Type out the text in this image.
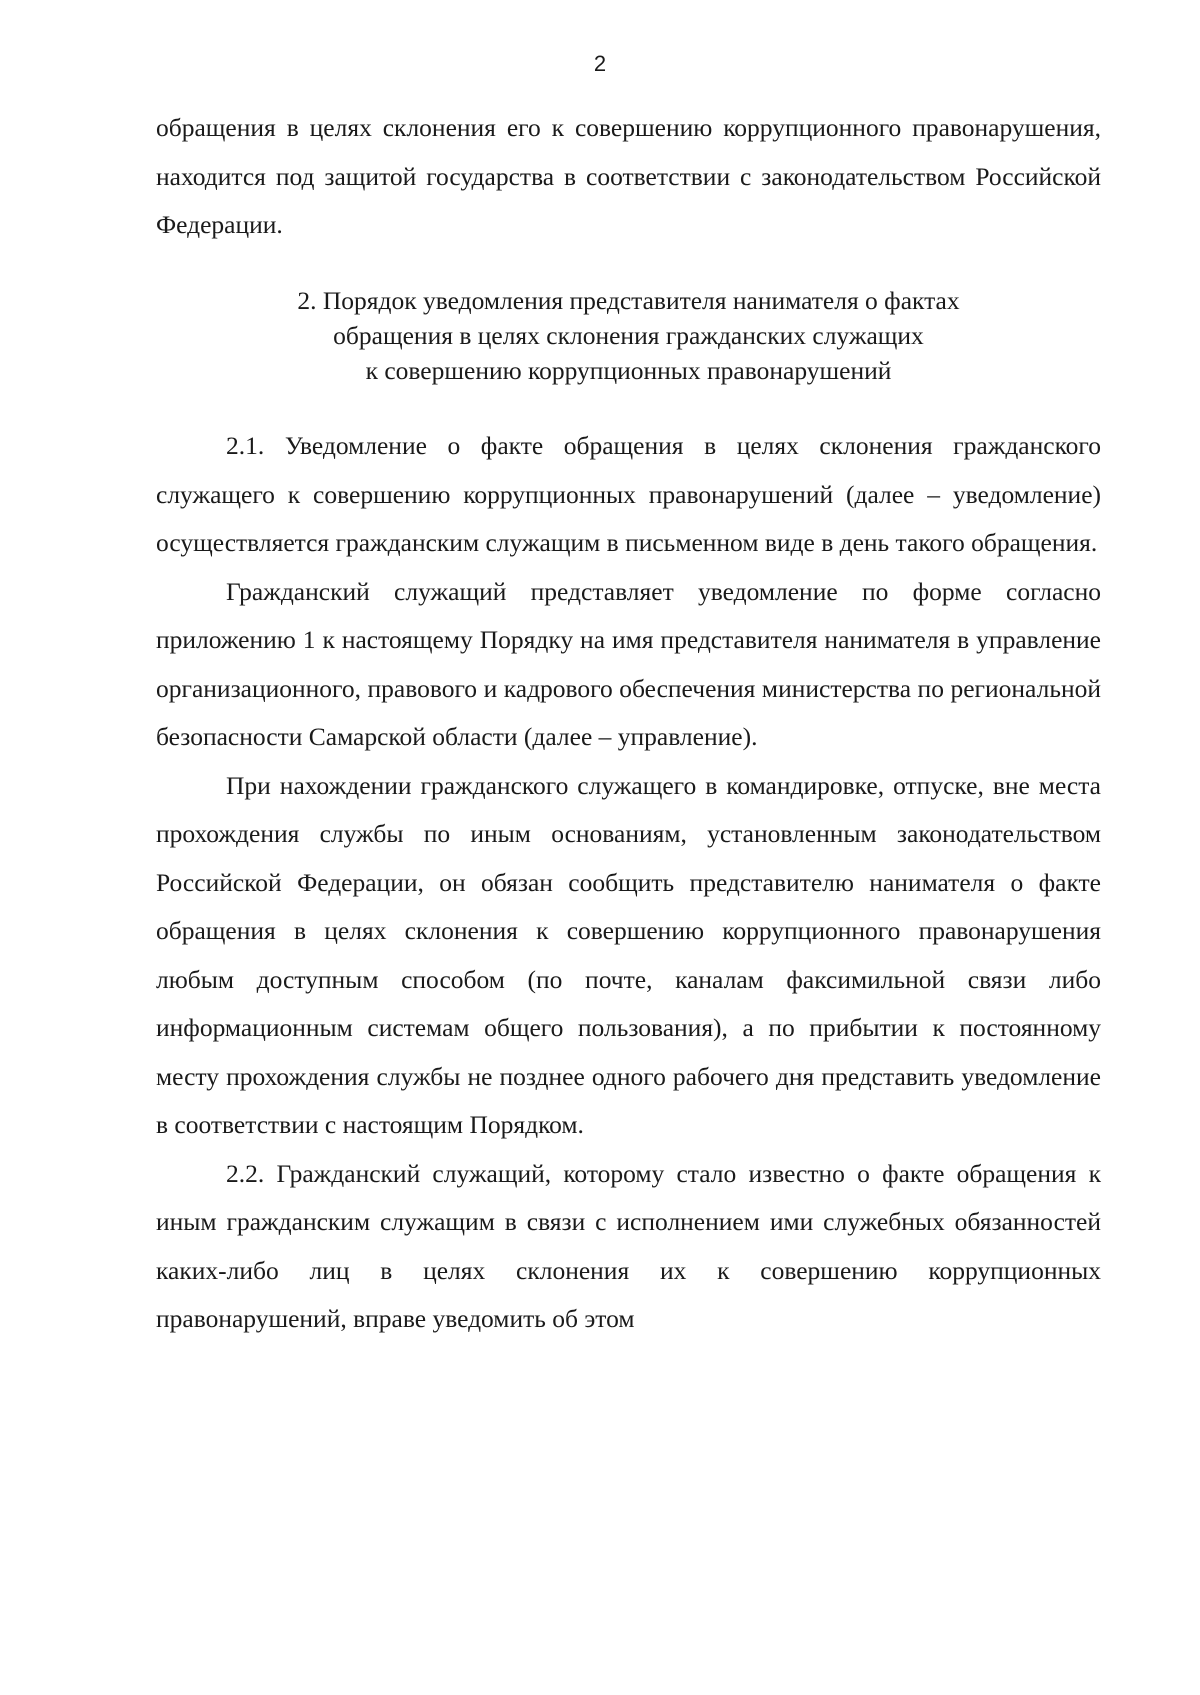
2

обращения в целях склонения его к совершению коррупционного правонарушения, находится под защитой государства в соответствии с законодательством Российской Федерации.

2. Порядок уведомления представителя нанимателя о фактах
обращения в целях склонения гражданских служащих
к совершению коррупционных правонарушений

2.1. Уведомление о факте обращения в целях склонения гражданского служащего к совершению коррупционных правонарушений (далее – уведомление) осуществляется гражданским служащим в письменном виде в день такого обращения.

Гражданский служащий представляет уведомление по форме согласно приложению 1 к настоящему Порядку на имя представителя нанимателя в управление организационного, правового и кадрового обеспечения министерства по региональной безопасности Самарской области (далее – управление).

При нахождении гражданского служащего в командировке, отпуске, вне места прохождения службы по иным основаниям, установленным законодательством Российской Федерации, он обязан сообщить представителю нанимателя о факте обращения в целях склонения к совершению коррупционного правонарушения любым доступным способом (по почте, каналам факсимильной связи либо информационным системам общего пользования), а по прибытии к постоянному месту прохождения службы не позднее одного рабочего дня представить уведомление в соответствии с настоящим Порядком.

2.2. Гражданский служащий, которому стало известно о факте обращения к иным гражданским служащим в связи с исполнением ими служебных обязанностей каких-либо лиц в целях склонения их к совершению коррупционных правонарушений, вправе уведомить об этом
